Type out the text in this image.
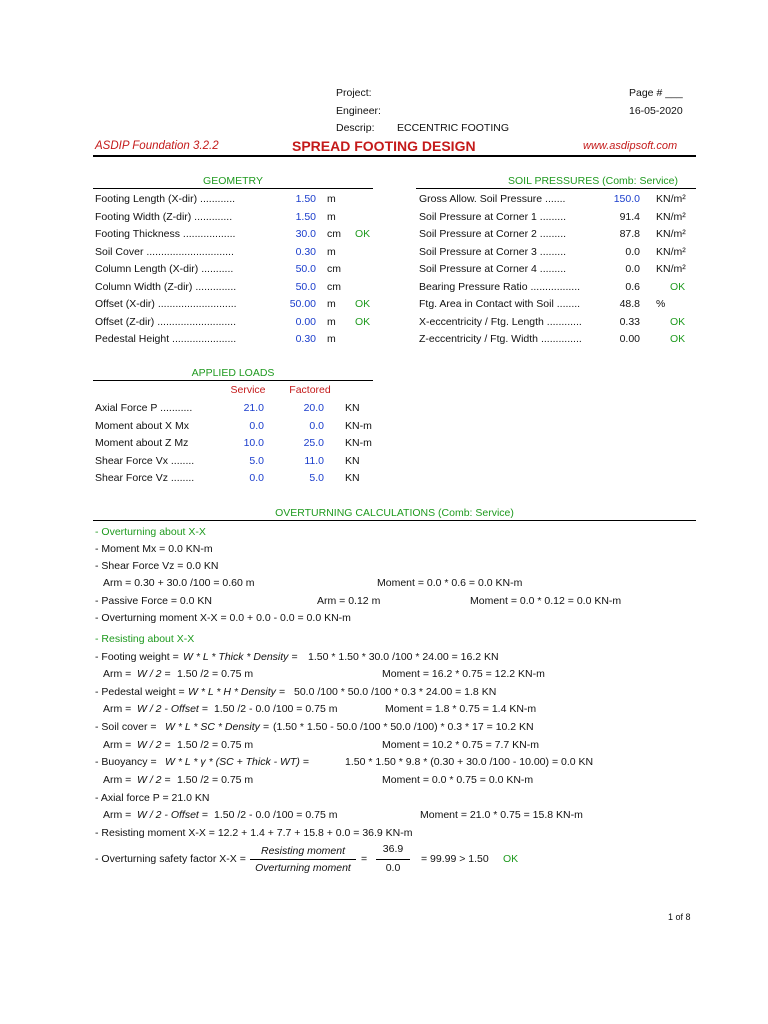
Project:
Engineer:
Descrip: ECCENTRIC FOOTING
Page # ___
16-05-2020
ASDIP Foundation 3.2.2	SPREAD FOOTING DESIGN	www.asdipsoft.com
GEOMETRY
Footing Length (X-dir) ............	1.50 m
Footing Width (Z-dir) .............	1.50 m
Footing Thickness ..................	30.0 cm OK
Soil Cover ..............................	0.30 m
Column Length (X-dir) ...........	50.0 cm
Column Width (Z-dir) ..............	50.0 cm
Offset (X-dir) ...........................	50.00 m OK
Offset (Z-dir) ...........................	0.00 m OK
Pedestal Height ......................	0.30 m
SOIL PRESSURES (Comb: Service)
Gross Allow. Soil Pressure .......	150.0 KN/m²
Soil Pressure at Corner 1 .........	91.4 KN/m²
Soil Pressure at Corner 2 .........	87.8 KN/m²
Soil Pressure at Corner 3 .........	0.0 KN/m²
Soil Pressure at Corner 4 .........	0.0 KN/m²
Bearing Pressure Ratio .................	0.6	OK
Ftg. Area in Contact with Soil ........	48.8 %
X-eccentricity / Ftg. Length ............	0.33	OK
Z-eccentricity / Ftg. Width ..............	0.00	OK
APPLIED LOADS
Service	Factored
Axial Force P ...........	21.0	20.0 KN
Moment about X Mx	0.0	0.0 KN-m
Moment about Z Mz	10.0	25.0 KN-m
Shear Force Vx ........	5.0	11.0 KN
Shear Force Vz ........	0.0	5.0 KN
OVERTURNING CALCULATIONS (Comb: Service)
- Overturning about X-X
- Moment Mx = 0.0 KN-m
- Shear Force Vz = 0.0 KN
Arm = 0.30 + 30.0 /100 = 0.60 m	Moment = 0.0 * 0.6 = 0.0 KN-m
- Passive Force = 0.0 KN	Arm = 0.12 m	Moment = 0.0 * 0.12 = 0.0 KN-m
- Overturning moment X-X = 0.0 + 0.0 - 0.0 = 0.0 KN-m
- Resisting about X-X
- Footing weight = W * L * Thick * Density = 1.50 * 1.50 * 30.0 /100 * 24.00 = 16.2 KN
Arm = W / 2 = 1.50 /2 = 0.75 m	Moment = 16.2 * 0.75 = 12.2 KN-m
- Pedestal weight = W * L * H * Density = 50.0 /100 * 50.0 /100 * 0.3 * 24.00 = 1.8 KN
Arm = W / 2 - Offset = 1.50 /2 - 0.0 /100 = 0.75 m	Moment = 1.8 * 0.75 = 1.4 KN-m
- Soil cover = W * L * SC * Density = (1.50 * 1.50 - 50.0 /100 * 50.0 /100) * 0.3 * 17 = 10.2 KN
Arm = W / 2 = 1.50 /2 = 0.75 m	Moment = 10.2 * 0.75 = 7.7 KN-m
- Buoyancy = W * L * γ * (SC + Thick - WT) =	1.50 * 1.50 * 9.8 * (0.30 + 30.0 /100 - 10.00) = 0.0 KN
Arm = W / 2 = 1.50 /2 = 0.75 m	Moment = 0.0 * 0.75 = 0.0 KN-m
- Axial force P = 21.0 KN
Arm = W / 2 - Offset = 1.50 /2 - 0.0 /100 = 0.75 m	Moment = 21.0 * 0.75 = 15.8 KN-m
- Resisting moment X-X = 12.2 + 1.4 + 7.7 + 15.8 + 0.0 = 36.9 KN-m
- Overturning safety factor X-X =
Resisting moment
Overturning moment
=
36.9
0.0
= 99.99 > 1.50 OK
1 of 8
